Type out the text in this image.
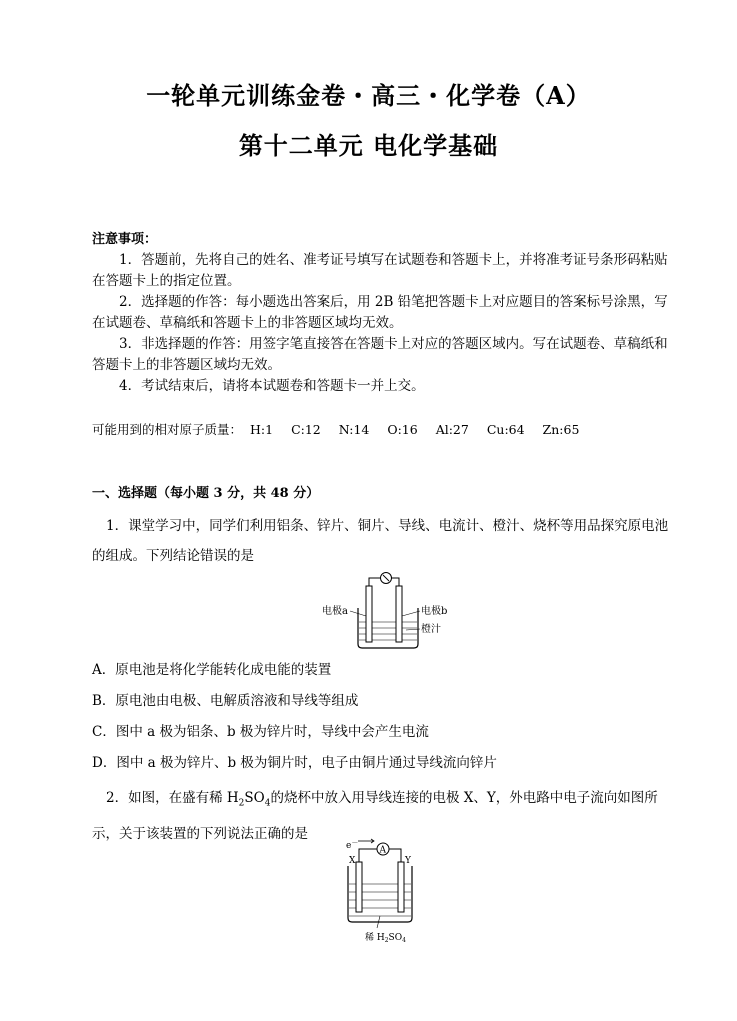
一轮单元训练金卷・高三・化学卷（A）
第十二单元 电化学基础
注意事项：
1．答题前，先将自己的姓名、准考证号填写在试题卷和答题卡上，并将准考证号条形码粘贴在答题卡上的指定位置。
2．选择题的作答：每小题选出答案后，用 2B 铅笔把答题卡上对应题目的答案标号涂黑，写在试题卷、草稿纸和答题卡上的非答题区域均无效。
3．非选择题的作答：用签字笔直接答在答题卡上对应的答题区域内。写在试题卷、草稿纸和答题卡上的非答题区域均无效。
4．考试结束后，请将本试题卷和答题卡一并上交。
可能用到的相对原子质量： H:1 C:12 N:14 O:16 Al:27 Cu:64 Zn:65
一、选择题（每小题 3 分，共 48 分）
1．课堂学习中，同学们利用铝条、锌片、铜片、导线、电流计、橙汁、烧杯等用品探究原电池的组成。下列结论错误的是
电极a	电极b
橙汁
A．原电池是将化学能转化成电能的装置
B．原电池由电极、电解质溶液和导线等组成
C．图中 a 极为铝条、b 极为锌片时，导线中会产生电流
D．图中 a 极为锌片、b 极为铜片时，电子由铜片通过导线流向锌片
2．如图，在盛有稀 $H_2SO_4$的烧杯中放入用导线连接的电极 X、Y，外电路中电子流向如图所示，关于该装置的下列说法正确的是
e－
A
X	Y
稀 $H_2SO_4$
